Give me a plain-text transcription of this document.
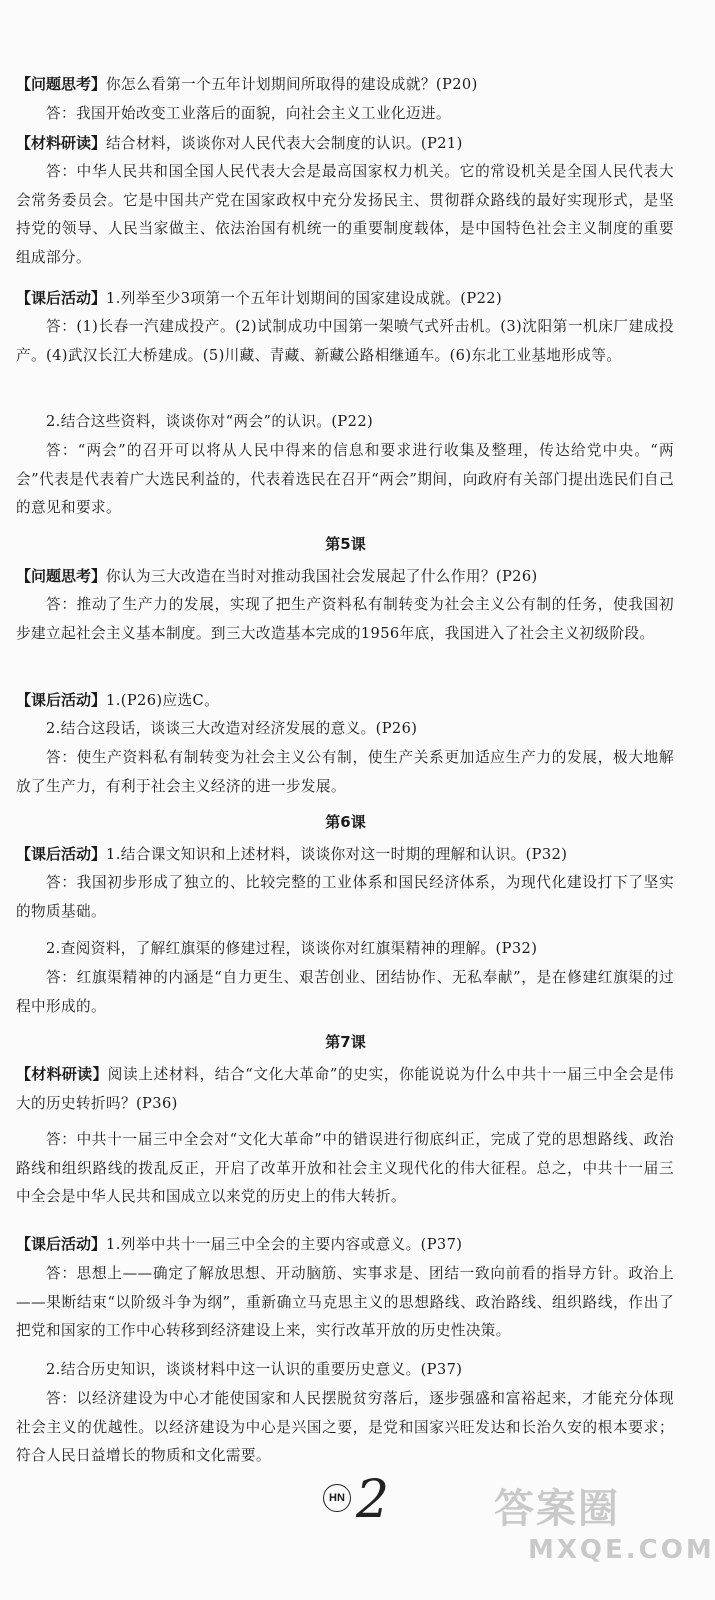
【问题思考】你怎么看第一个五年计划期间所取得的建设成就？(P20)
答：我国开始改变工业落后的面貌，向社会主义工业化迈进。
【材料研读】结合材料，谈谈你对人民代表大会制度的认识。(P21)
答：中华人民共和国全国人民代表大会是最高国家权力机关。它的常设机关是全国人民代表大会常务委员会。它是中国共产党在国家政权中充分发扬民主、贯彻群众路线的最好实现形式，是坚持党的领导、人民当家做主、依法治国有机统一的重要制度载体，是中国特色社会主义制度的重要组成部分。
【课后活动】1.列举至少3项第一个五年计划期间的国家建设成就。(P22)
答：(1)长春一汽建成投产。(2)试制成功中国第一架喷气式歼击机。(3)沈阳第一机床厂建成投产。(4)武汉长江大桥建成。(5)川藏、青藏、新藏公路相继通车。(6)东北工业基地形成等。
2.结合这些资料，谈谈你对“两会”的认识。(P22)
答：“两会”的召开可以将从人民中得来的信息和要求进行收集及整理，传达给党中央。“两会”代表是代表着广大选民利益的，代表着选民在召开“两会”期间，向政府有关部门提出选民们自己的意见和要求。
第5课
【问题思考】你认为三大改造在当时对推动我国社会发展起了什么作用？(P26)
答：推动了生产力的发展，实现了把生产资料私有制转变为社会主义公有制的任务，使我国初步建立起社会主义基本制度。到三大改造基本完成的1956年底，我国进入了社会主义初级阶段。
【课后活动】1.(P26)应选C。
2.结合这段话，谈谈三大改造对经济发展的意义。(P26)
答：使生产资料私有制转变为社会主义公有制，使生产关系更加适应生产力的发展，极大地解放了生产力，有利于社会主义经济的进一步发展。
第6课
【课后活动】1.结合课文知识和上述材料，谈谈你对这一时期的理解和认识。(P32)
答：我国初步形成了独立的、比较完整的工业体系和国民经济体系，为现代化建设打下了坚实的物质基础。
2.查阅资料，了解红旗渠的修建过程，谈谈你对红旗渠精神的理解。(P32)
答：红旗渠精神的内涵是“自力更生、艰苦创业、团结协作、无私奉献”，是在修建红旗渠的过程中形成的。
第7课
【材料研读】阅读上述材料，结合“文化大革命”的史实，你能说说为什么中共十一届三中全会是伟大的历史转折吗？(P36)
答：中共十一届三中全会对“文化大革命”中的错误进行彻底纠正，完成了党的思想路线、政治路线和组织路线的拨乱反正，开启了改革开放和社会主义现代化的伟大征程。总之，中共十一届三中全会是中华人民共和国成立以来党的历史上的伟大转折。
【课后活动】1.列举中共十一届三中全会的主要内容或意义。(P37)
答：思想上——确定了解放思想、开动脑筋、实事求是、团结一致向前看的指导方针。政治上——果断结束“以阶级斗争为纲”，重新确立马克思主义的思想路线、政治路线、组织路线，作出了把党和国家的工作中心转移到经济建设上来，实行改革开放的历史性决策。
2.结合历史知识，谈谈材料中这一认识的重要历史意义。(P37)
答：以经济建设为中心才能使国家和人民摆脱贫穷落后，逐步强盛和富裕起来，才能充分体现社会主义的优越性。以经济建设为中心是兴国之要，是党和国家兴旺发达和长治久安的根本要求；符合人民日益增长的物质和文化需要。
HN 2	答案圈
MXQE.COM
